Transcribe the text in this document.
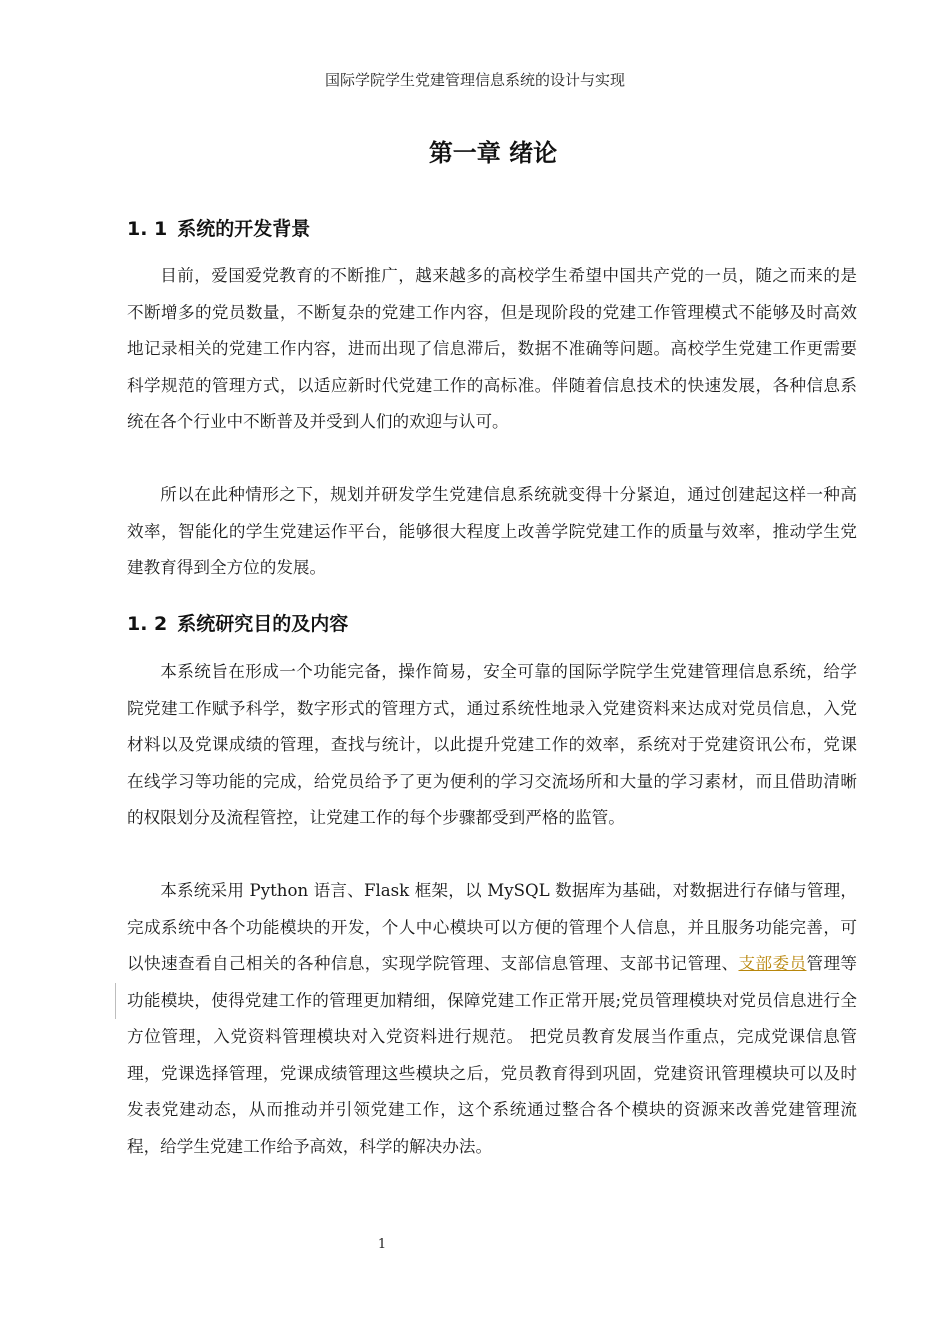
国际学院学生党建管理信息系统的设计与实现
第一章 绪论
1. 1 系统的开发背景

目前，爱国爱党教育的不断推广，越来越多的高校学生希望中国共产党的一员，随之而来的是不断增多的党员数量，不断复杂的党建工作内容，但是现阶段的党建工作管理模式不能够及时高效地记录相关的党建工作内容，进而出现了信息滞后，数据不准确等问题。高校学生党建工作更需要科学规范的管理方式，以适应新时代党建工作的高标准。伴随着信息技术的快速发展，各种信息系统在各个行业中不断普及并受到人们的欢迎与认可。

所以在此种情形之下，规划并研发学生党建信息系统就变得十分紧迫，通过创建起这样一种高效率，智能化的学生党建运作平台，能够很大程度上改善学院党建工作的质量与效率，推动学生党建教育得到全方位的发展。

1. 2 系统研究目的及内容

本系统旨在形成一个功能完备，操作简易，安全可靠的国际学院学生党建管理信息系统，给学院党建工作赋予科学，数字形式的管理方式，通过系统性地录入党建资料来达成对党员信息，入党材料以及党课成绩的管理，查找与统计，以此提升党建工作的效率，系统对于党建资讯公布，党课在线学习等功能的完成，给党员给予了更为便利的学习交流场所和大量的学习素材，而且借助清晰的权限划分及流程管控，让党建工作的每个步骤都受到严格的监管。

本系统采用 Python 语言、Flask 框架，以 MySQL 数据库为基础，对数据进行存储与管理，完成系统中各个功能模块的开发，个人中心模块可以方便的管理个人信息，并且服务功能完善，可以快速查看自己相关的各种信息，实现学院管理、支部信息管理、支部书记管理、支部委员管理等功能模块，使得党建工作的管理更加精细，保障党建工作正常开展;党员管理模块对党员信息进行全方位管理，入党资料管理模块对入党资料进行规范。 把党员教育发展当作重点，完成党课信息管理，党课选择管理，党课成绩管理这些模块之后，党员教育得到巩固，党建资讯管理模块可以及时发表党建动态，从而推动并引领党建工作，这个系统通过整合各个模块的资源来改善党建管理流程，给学生党建工作给予高效，科学的解决办法。

1
